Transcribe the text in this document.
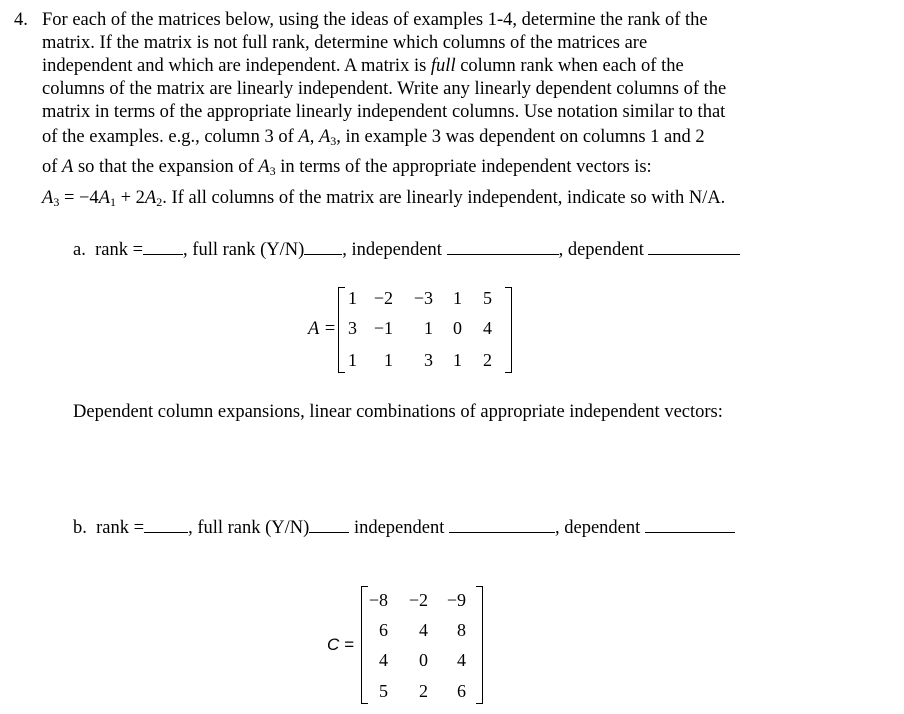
4. For each of the matrices below, using the ideas of examples 1-4, determine the rank of the
matrix. If the matrix is not full rank, determine which columns of the matrices are
independent and which are independent. A matrix is full column rank when each of the
columns of the matrix are linearly independent. Write any linearly dependent columns of the
matrix in terms of the appropriate linearly independent columns. Use notation similar to that
of the examples. e.g., column 3 of A, $A_3$, in example 3 was dependent on columns 1 and 2
of A so that the expansion of $A_3$ in terms of the appropriate independent vectors is:
$A_3 = -4A_1 + 2A_2$. If all columns of the matrix are linearly independent, indicate so with N/A.
a. rank = , full rank (Y/N) , independent	, dependent
A =
1 −2	−3	1	5
3 −1	1	0	4
1	1	3	1	2
Dependent column expansions, linear combinations of appropriate independent vectors:
b. rank = , full rank (Y/N) independent	, dependent
C =
−8	−2	−9
6	4	8
4	0	4
5	2	6
